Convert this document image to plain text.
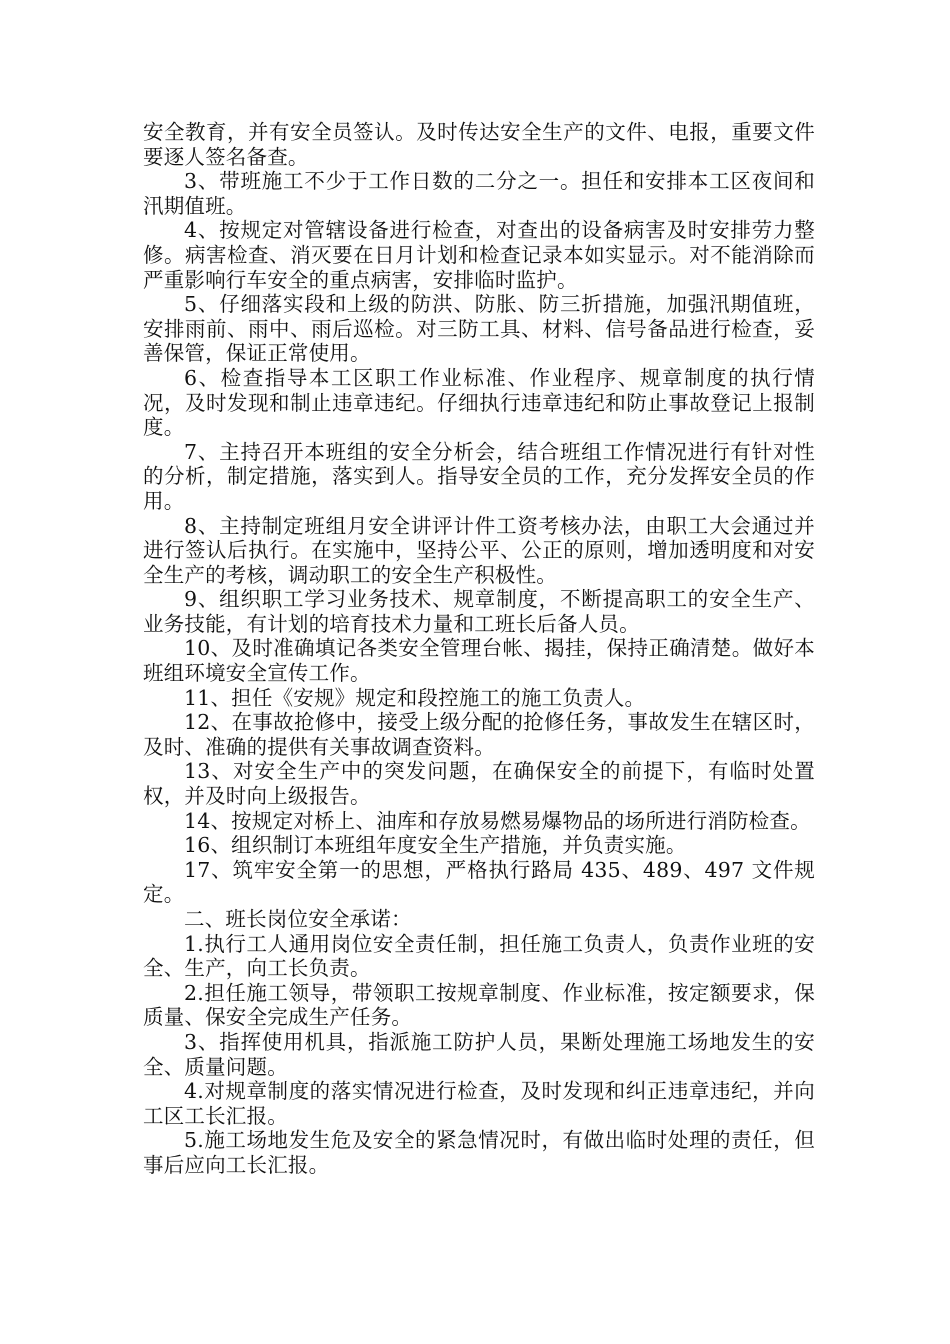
安全教育，并有安全员签认。及时传达安全生产的文件、电报，重要文件要逐人签名备查。

3、带班施工不少于工作日数的二分之一。担任和安排本工区夜间和汛期值班。

4、按规定对管辖设备进行检查，对查出的设备病害及时安排劳力整修。病害检查、消灭要在日月计划和检查记录本如实显示。对不能消除而严重影响行车安全的重点病害，安排临时监护。

5、仔细落实段和上级的防洪、防胀、防三折措施，加强汛期值班，安排雨前、雨中、雨后巡检。对三防工具、材料、信号备品进行检查，妥善保管，保证正常使用。

6、检查指导本工区职工作业标准、作业程序、规章制度的执行情况，及时发现和制止违章违纪。仔细执行违章违纪和防止事故登记上报制度。

7、主持召开本班组的安全分析会，结合班组工作情况进行有针对性的分析，制定措施，落实到人。指导安全员的工作，充分发挥安全员的作用。

8、主持制定班组月安全讲评计件工资考核办法，由职工大会通过并进行签认后执行。在实施中，坚持公平、公正的原则，增加透明度和对安全生产的考核，调动职工的安全生产积极性。

9、组织职工学习业务技术、规章制度，不断提高职工的安全生产、业务技能，有计划的培育技术力量和工班长后备人员。

10、及时准确填记各类安全管理台帐、揭挂，保持正确清楚。做好本班组环境安全宣传工作。

11、担任《安规》规定和段控施工的施工负责人。

12、在事故抢修中，接受上级分配的抢修任务，事故发生在辖区时，及时、准确的提供有关事故调查资料。

13、对安全生产中的突发问题，在确保安全的前提下，有临时处置权，并及时向上级报告。

14、按规定对桥上、油库和存放易燃易爆物品的场所进行消防检查。

16、组织制订本班组年度安全生产措施，并负责实施。

17、筑牢安全第一的思想，严格执行路局 435、489、497 文件规定。

二、班长岗位安全承诺：

1.执行工人通用岗位安全责任制，担任施工负责人，负责作业班的安全、生产，向工长负责。

2.担任施工领导，带领职工按规章制度、作业标准，按定额要求，保质量、保安全完成生产任务。

3、指挥使用机具，指派施工防护人员，果断处理施工场地发生的安全、质量问题。

4.对规章制度的落实情况进行检查，及时发现和纠正违章违纪，并向工区工长汇报。

5.施工场地发生危及安全的紧急情况时，有做出临时处理的责任，但事后应向工长汇报。
